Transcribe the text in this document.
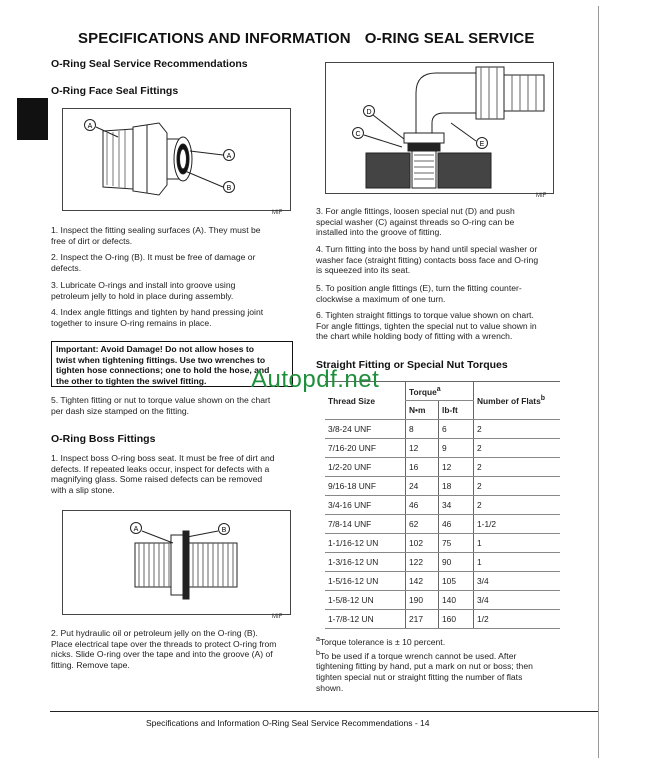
SPECIFICATIONS AND INFORMATION O-RING SEAL SERVICE
O-Ring Seal Service Recommendations
O-Ring Face Seal Fittings
A
A
B
MIF
1. Inspect the fitting sealing surfaces (A). They must be
free of dirt or defects.
2. Inspect the O-ring (B). It must be free of damage or
defects.
3. Lubricate O-rings and install into groove using
petroleum jelly to hold in place during assembly.
4. Index angle fittings and tighten by hand pressing joint
together to insure O-ring remains in place.
Important: Avoid Damage! Do not allow hoses to
twist when tightening fittings. Use two wrenches to
tighten hose connections; one to hold the hose, and
the other to tighten the swivel fitting.
5. Tighten fitting or nut to torque value shown on the chart
per dash size stamped on the fitting.
O-Ring Boss Fittings
1. Inspect boss O-ring boss seat. It must be free of dirt and
defects. If repeated leaks occur, inspect for defects with a
magnifying glass. Some raised defects can be removed
with a slip stone.
A	B
MIF
2. Put hydraulic oil or petroleum jelly on the O-ring (B).
Place electrical tape over the threads to protect O-ring from
nicks. Slide O-ring over the tape and into the groove (A) of
fitting. Remove tape.
D
C
E
MIF
3. For angle fittings, loosen special nut (D) and push
special washer (C) against threads so O-ring can be
installed into the groove of fitting.
4. Turn fitting into the boss by hand until special washer or
washer face (straight fitting) contacts boss face and O-ring
is squeezed into its seat.
5. To position angle fittings (E), turn the fitting counter-
clockwise a maximum of one turn.
6. Tighten straight fittings to torque value shown on chart.
For angle fittings, tighten the special nut to value shown in
the chart while holding body of fitting with a wrench.
Straight Fitting or Special Nut Torques
Thread Size	Torque$^a$		Number of Flats$^b$
	N•m	lb-ft	
3/8-24 UNF	8	6	2
7/16-20 UNF	12	9	2
1/2-20 UNF	16	12	2
9/16-18 UNF	24	18	2
3/4-16 UNF	46	34	2
7/8-14 UNF	62	46	1-1/2
1-1/16-12 UN	102	75	1
1-3/16-12 UN	122	90	1
1-5/16-12 UN	142	105	3/4
1-5/8-12 UN	190	140	3/4
1-7/8-12 UN	217	160	1/2
$^a$Torque tolerance is ± 10 percent.
$^b$To be used if a torque wrench cannot be used. After
tightening fitting by hand, put a mark on nut or boss; then
tighten special nut or straight fitting the number of flats
shown.
Autopdf.net
Specifications and Information O-Ring Seal Service Recommendations - 14
